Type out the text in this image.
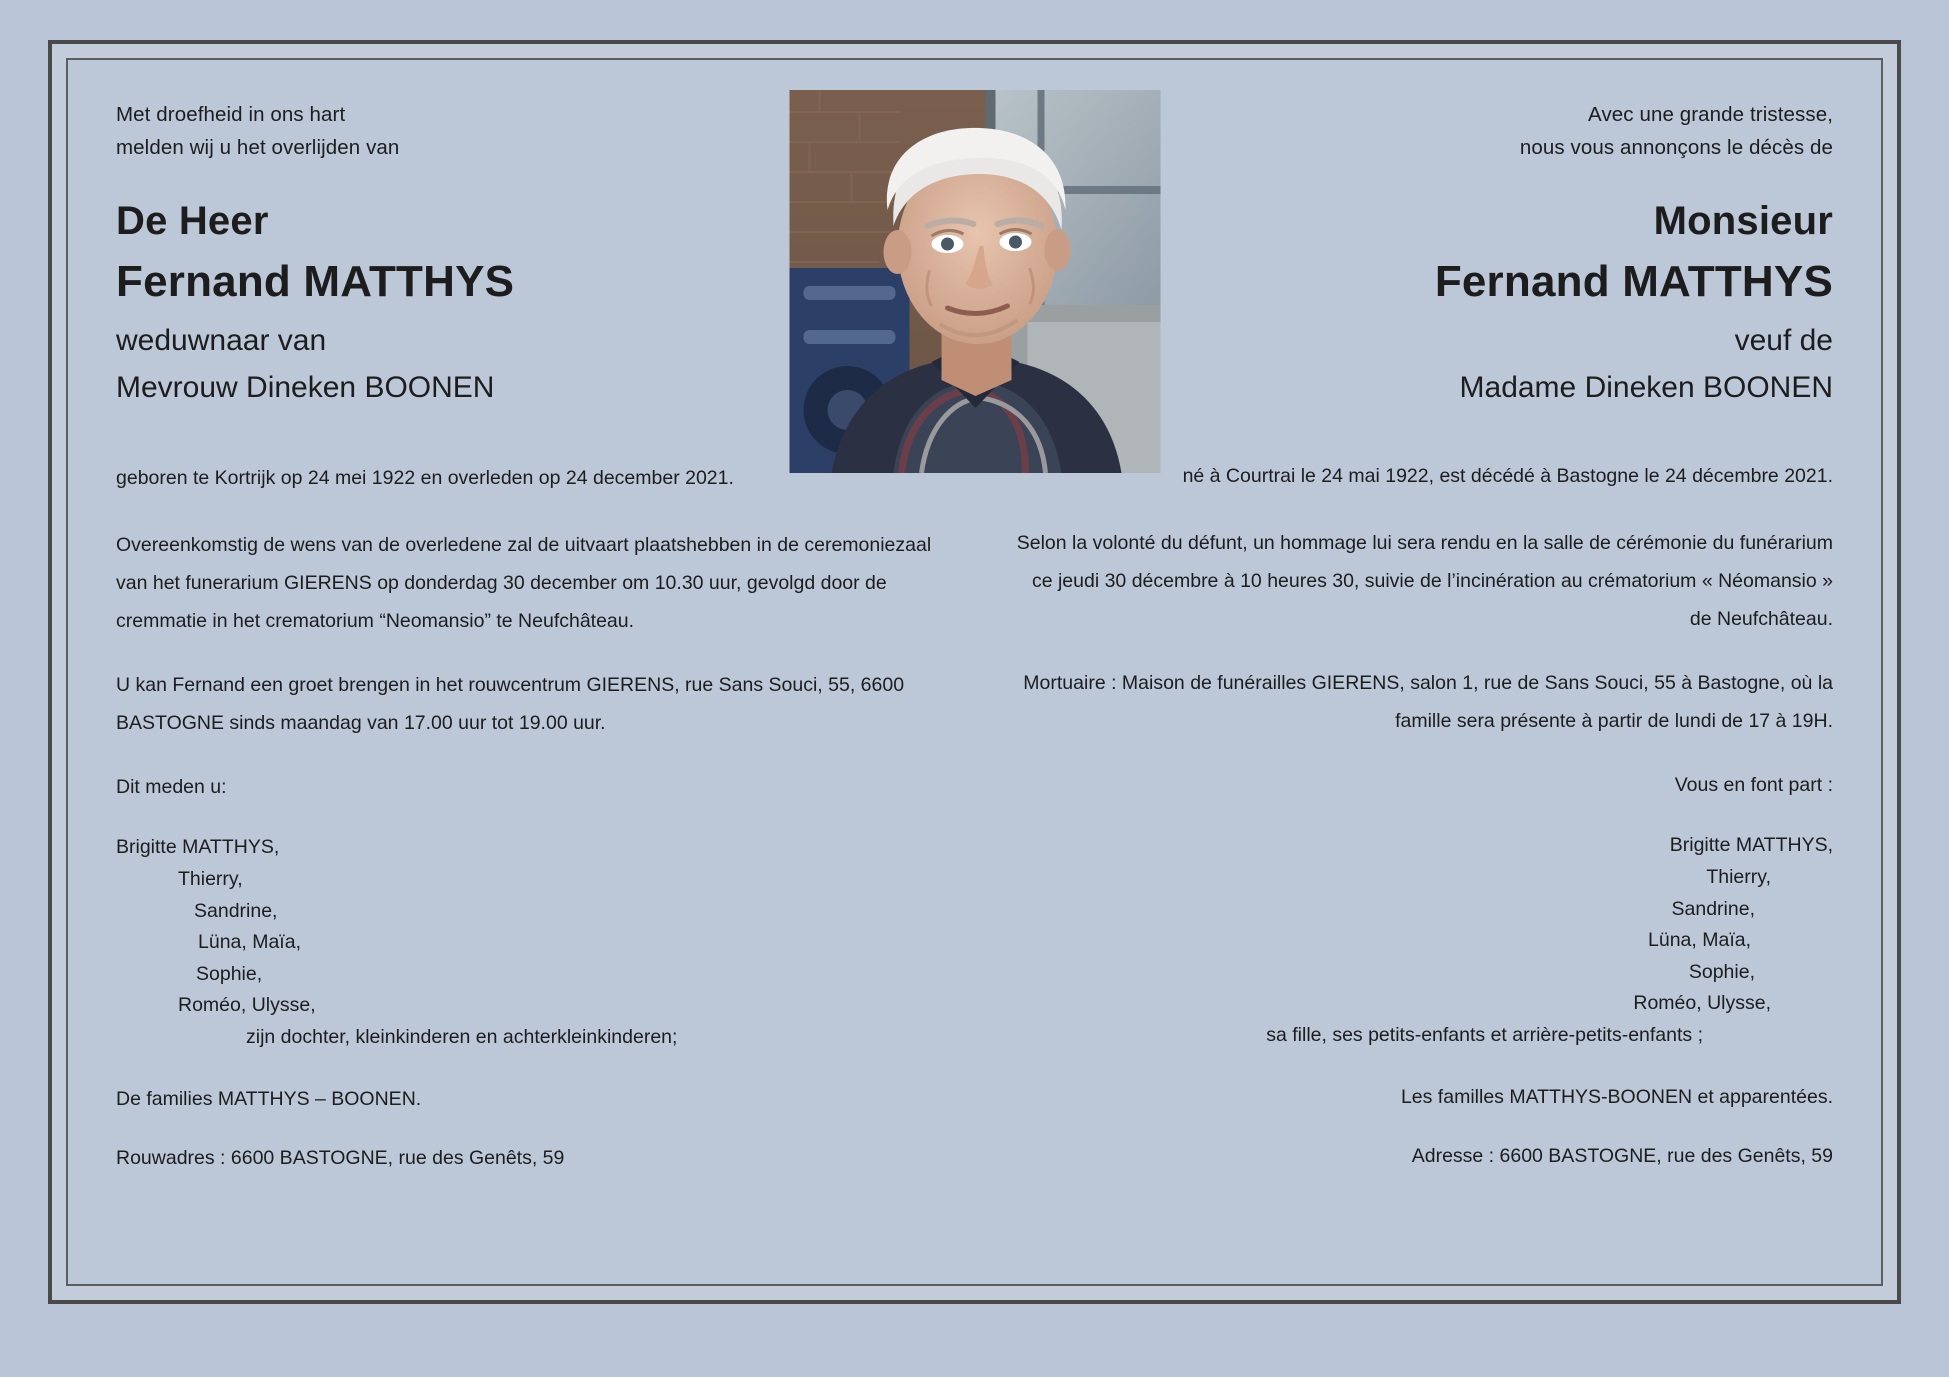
Met droefheid in ons hart
melden wij u het overlijden van
De Heer
Fernand MATTHYS
weduwnaar van
Mevrouw Dineken BOONEN
geboren te Kortrijk op 24 mei 1922 en overleden op 24 december 2021.
Overeenkomstig de wens van de overledene zal de uitvaart plaatshebben in de ceremoniezaal van het funerarium GIERENS op donderdag 30 december om 10.30 uur, gevolgd door de cremmatie in het crematorium “Neomansio” te Neufchâteau.
U kan Fernand een groet brengen in het rouwcentrum GIERENS, rue Sans Souci, 55, 6600 BASTOGNE sinds maandag van 17.00 uur tot 19.00 uur.
Dit meden u:
Brigitte MATTHYS,
Thierry,
Sandrine,
Lüna, Maïa,
Sophie,
Roméo, Ulysse,
zijn dochter, kleinkinderen en achterkleinkinderen;
De families MATTHYS – BOONEN.
Rouwadres : 6600 BASTOGNE, rue des Genêts, 59
Avec une grande tristesse,
nous vous annonçons le décès de
Monsieur
Fernand MATTHYS
veuf de
Madame Dineken BOONEN
né à Courtrai le 24 mai 1922, est décédé à Bastogne le 24 décembre 2021.
Selon la volonté du défunt, un hommage lui sera rendu en la salle de cérémonie du funérarium ce jeudi 30 décembre à 10 heures 30, suivie de l’incinération au crématorium « Néomansio » de Neufchâteau.
Mortuaire : Maison de funérailles GIERENS, salon 1, rue de Sans Souci, 55 à Bastogne, où la famille sera présente à partir de lundi de 17 à 19H.
Vous en font part :
Brigitte MATTHYS,
Thierry,
Sandrine,
Lüna, Maïa,
Sophie,
Roméo, Ulysse,
sa fille, ses petits-enfants et arrière-petits-enfants ;
Les familles MATTHYS-BOONEN et apparentées.
Adresse : 6600 BASTOGNE, rue des Genêts, 59
